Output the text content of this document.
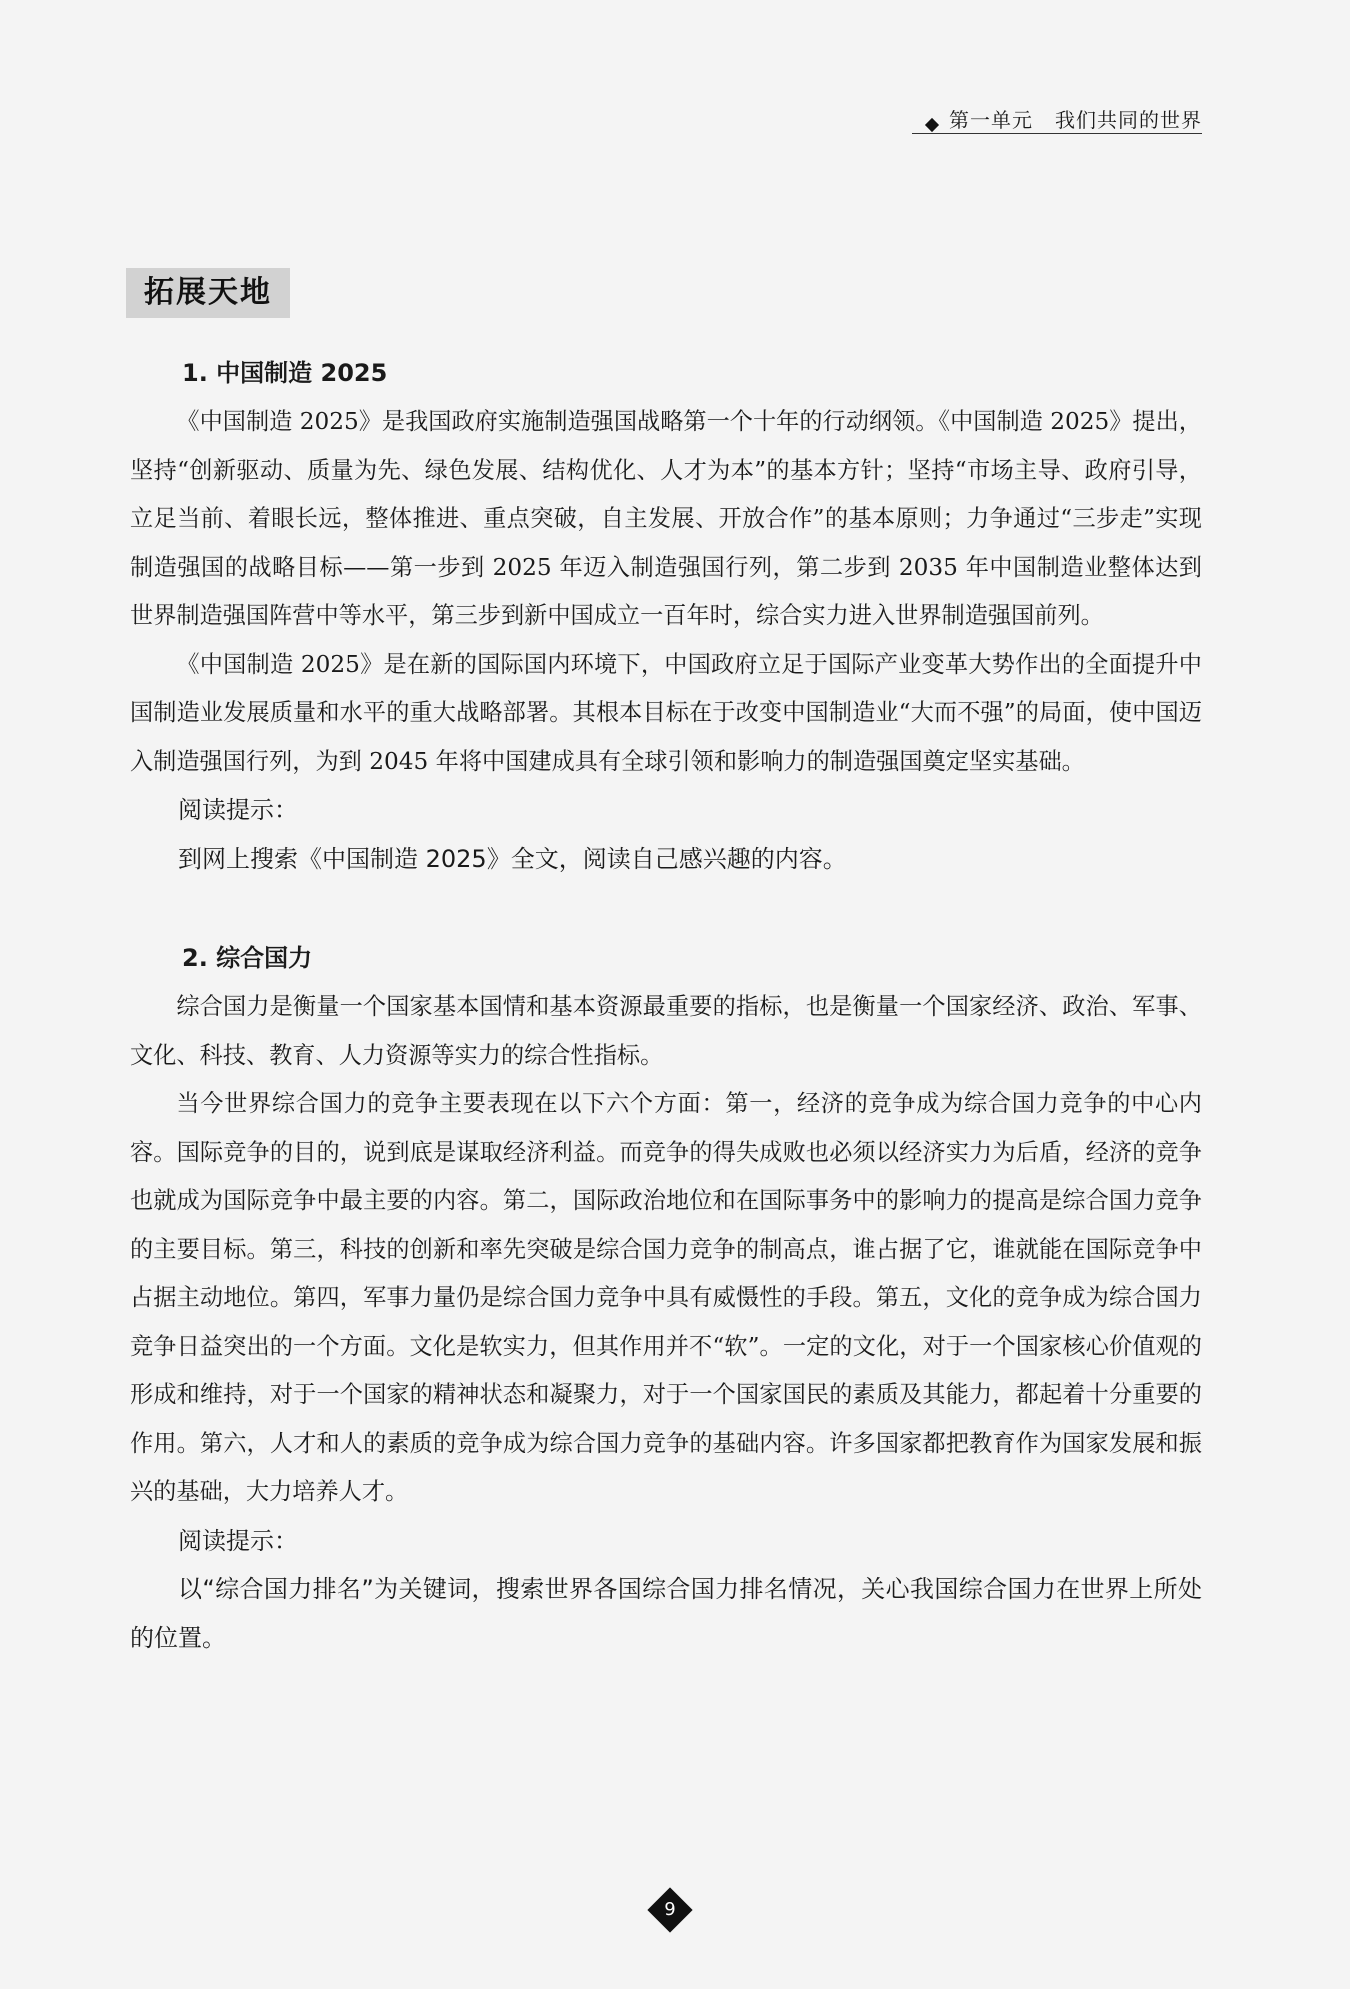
第一单元 我们共同的世界
拓展天地
1. 中国制造 2025

《中国制造 2025》是我国政府实施制造强国战略第一个十年的行动纲领。《中国制造 2025》提出，坚持“创新驱动、质量为先、绿色发展、结构优化、人才为本”的基本方针；坚持“市场主导、政府引导，立足当前、着眼长远，整体推进、重点突破，自主发展、开放合作”的基本原则；力争通过“三步走”实现制造强国的战略目标——第一步到 2025 年迈入制造强国行列，第二步到 2035 年中国制造业整体达到世界制造强国阵营中等水平，第三步到新中国成立一百年时，综合实力进入世界制造强国前列。

《中国制造 2025》是在新的国际国内环境下，中国政府立足于国际产业变革大势作出的全面提升中国制造业发展质量和水平的重大战略部署。其根本目标在于改变中国制造业“大而不强”的局面，使中国迈入制造强国行列，为到 2045 年将中国建成具有全球引领和影响力的制造强国奠定坚实基础。

阅读提示：

到网上搜索《中国制造 2025》全文，阅读自己感兴趣的内容。

2. 综合国力

综合国力是衡量一个国家基本国情和基本资源最重要的指标，也是衡量一个国家经济、政治、军事、文化、科技、教育、人力资源等实力的综合性指标。

当今世界综合国力的竞争主要表现在以下六个方面：第一，经济的竞争成为综合国力竞争的中心内容。国际竞争的目的，说到底是谋取经济利益。而竞争的得失成败也必须以经济实力为后盾，经济的竞争也就成为国际竞争中最主要的内容。第二，国际政治地位和在国际事务中的影响力的提高是综合国力竞争的主要目标。第三，科技的创新和率先突破是综合国力竞争的制高点，谁占据了它，谁就能在国际竞争中占据主动地位。第四，军事力量仍是综合国力竞争中具有威慑性的手段。第五，文化的竞争成为综合国力竞争日益突出的一个方面。文化是软实力，但其作用并不“软”。一定的文化，对于一个国家核心价值观的形成和维持，对于一个国家的精神状态和凝聚力，对于一个国家国民的素质及其能力，都起着十分重要的作用。第六，人才和人的素质的竞争成为综合国力竞争的基础内容。许多国家都把教育作为国家发展和振兴的基础，大力培养人才。

阅读提示：

以“综合国力排名”为关键词，搜索世界各国综合国力排名情况，关心我国综合国力在世界上所处的位置。

9
